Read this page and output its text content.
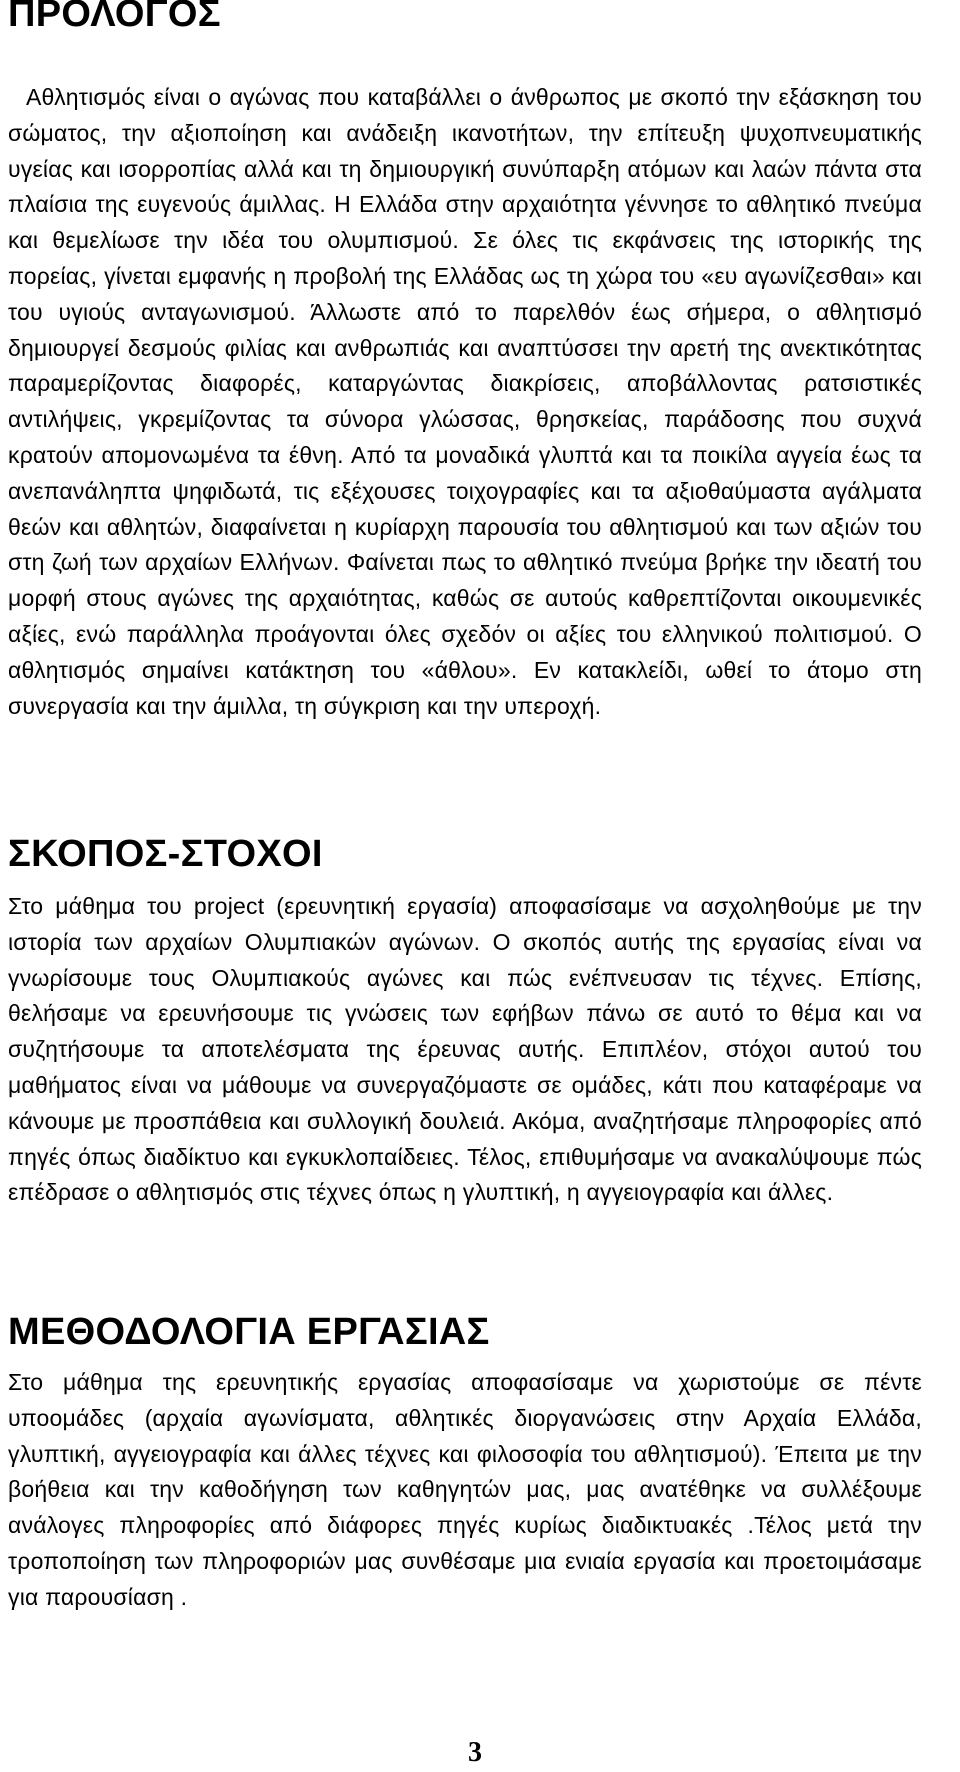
ΠΡΟΛΟΓΟΣ

Αθλητισμός είναι ο αγώνας που καταβάλλει ο άνθρωπος με σκοπό την εξάσκηση του σώματος, την αξιοποίηση και ανάδειξη ικανοτήτων, την επίτευξη ψυχοπνευματικής υγείας και ισορροπίας αλλά και τη δημιουργική συνύπαρξη ατόμων και λαών πάντα στα πλαίσια της ευγενούς άμιλλας. Η Ελλάδα στην αρχαιότητα γέννησε το αθλητικό πνεύμα και θεμελίωσε την ιδέα του ολυμπισμού. Σε όλες τις εκφάνσεις της ιστορικής της πορείας, γίνεται εμφανής η προβολή της Ελλάδας ως τη χώρα του «ευ αγωνίζεσθαι» και του υγιούς ανταγωνισμού. Άλλωστε από το παρελθόν έως σήμερα, ο αθλητισμό δημιουργεί δεσμούς φιλίας και ανθρωπιάς και αναπτύσσει την αρετή της ανεκτικότητας παραμερίζοντας διαφορές, καταργώντας διακρίσεις, αποβάλλοντας ρατσιστικές αντιλήψεις, γκρεμίζοντας τα σύνορα γλώσσας, θρησκείας, παράδοσης που συχνά κρατούν απομονωμένα τα έθνη. Από τα μοναδικά γλυπτά και τα ποικίλα αγγεία έως τα ανεπανάληπτα ψηφιδωτά, τις εξέχουσες τοιχογραφίες και τα αξιοθαύμαστα αγάλματα θεών και αθλητών, διαφαίνεται η κυρίαρχη παρουσία του αθλητισμού και των αξιών του στη ζωή των αρχαίων Ελλήνων. Φαίνεται πως το αθλητικό πνεύμα βρήκε την ιδεατή του μορφή στους αγώνες της αρχαιότητας, καθώς σε αυτούς καθρεπτίζονται οικουμενικές αξίες, ενώ παράλληλα προάγονται όλες σχεδόν οι αξίες του ελληνικού πολιτισμού. Ο αθλητισμός σημαίνει κατάκτηση του «άθλου». Εν κατακλείδι, ωθεί το άτομο στη συνεργασία και την άμιλλα, τη σύγκριση και την υπεροχή.

ΣΚΟΠΟΣ-ΣΤΟΧΟΙ

Στο μάθημα του project (ερευνητική εργασία) αποφασίσαμε να ασχοληθούμε με την ιστορία των αρχαίων Ολυμπιακών αγώνων. Ο σκοπός αυτής της εργασίας είναι να γνωρίσουμε τους Ολυμπιακούς αγώνες και πώς ενέπνευσαν τις τέχνες. Επίσης, θελήσαμε να ερευνήσουμε τις γνώσεις των εφήβων πάνω σε αυτό το θέμα και να συζητήσουμε τα αποτελέσματα της έρευνας αυτής. Επιπλέον, στόχοι αυτού του μαθήματος είναι να μάθουμε να συνεργαζόμαστε σε ομάδες, κάτι που καταφέραμε να κάνουμε με προσπάθεια και συλλογική δουλειά. Ακόμα, αναζητήσαμε πληροφορίες από πηγές όπως διαδίκτυο και εγκυκλοπαίδειες. Τέλος, επιθυμήσαμε να ανακαλύψουμε πώς επέδρασε ο αθλητισμός στις τέχνες όπως η γλυπτική, η αγγειογραφία και άλλες.

ΜΕΘΟΔΟΛΟΓΙΑ ΕΡΓΑΣΙΑΣ

Στο μάθημα της ερευνητικής εργασίας αποφασίσαμε να χωριστούμε σε πέντε υποομάδες (αρχαία αγωνίσματα, αθλητικές διοργανώσεις στην Αρχαία Ελλάδα, γλυπτική, αγγειογραφία και άλλες τέχνες και φιλοσοφία του αθλητισμού). Έπειτα με την βοήθεια και την καθοδήγηση των καθηγητών μας, μας ανατέθηκε να συλλέξουμε ανάλογες πληροφορίες από διάφορες πηγές κυρίως διαδικτυακές .Τέλος μετά την τροποποίηση των πληροφοριών μας συνθέσαμε μια ενιαία εργασία και προετοιμάσαμε για παρουσίαση .

3
